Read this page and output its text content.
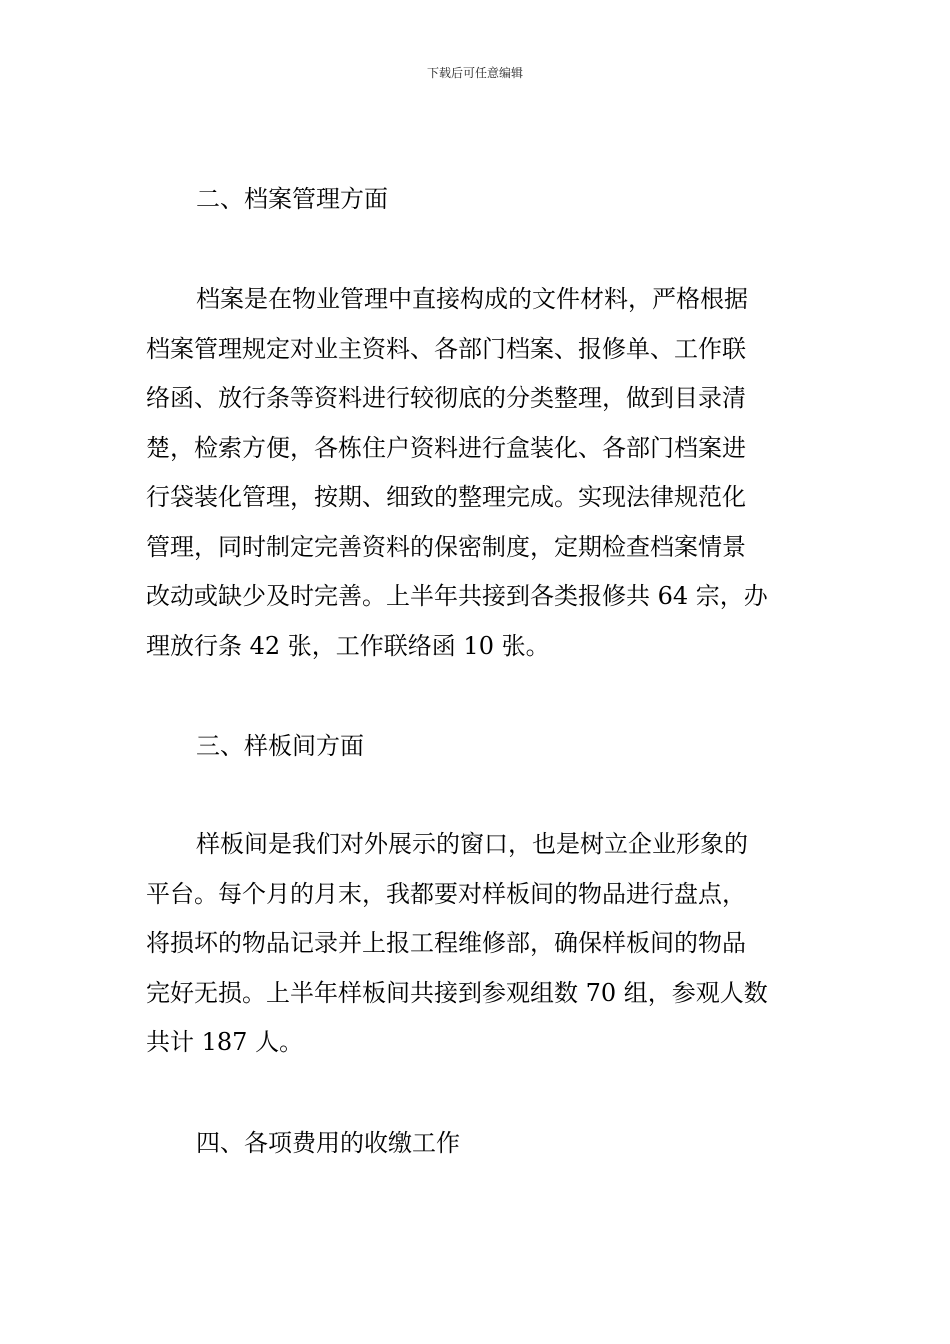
下载后可任意编辑
二、档案管理方面
档案是在物业管理中直接构成的文件材料，严格根据
档案管理规定对业主资料、各部门档案、报修单、工作联
络函、放行条等资料进行较彻底的分类整理，做到目录清
楚，检索方便，各栋住户资料进行盒装化、各部门档案进
行袋装化管理，按期、细致的整理完成。实现法律规范化
管理，同时制定完善资料的保密制度，定期检查档案情景
改动或缺少及时完善。上半年共接到各类报修共 64 宗，办
理放行条 42 张，工作联络函 10 张。
三、样板间方面
样板间是我们对外展示的窗口，也是树立企业形象的
平台。每个月的月末，我都要对样板间的物品进行盘点，
将损坏的物品记录并上报工程维修部，确保样板间的物品
完好无损。上半年样板间共接到参观组数 70 组，参观人数
共计 187 人。
四、各项费用的收缴工作
